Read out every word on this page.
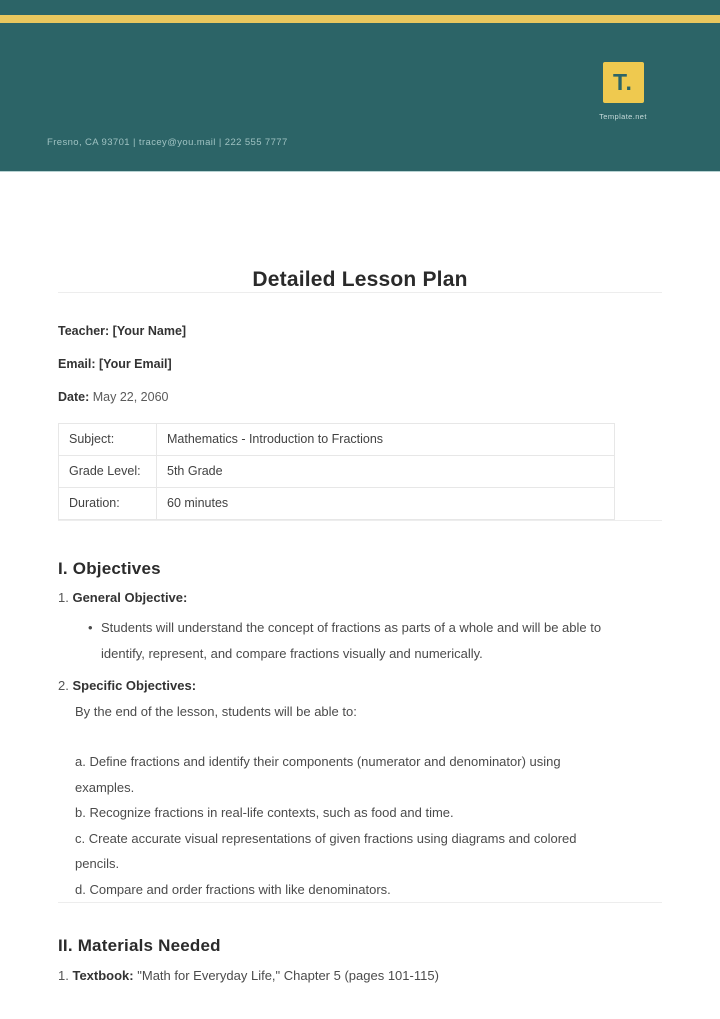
T.
Template.net
Fresno, CA 93701 | tracey@you.mail | 222 555 7777
Detailed Lesson Plan

Teacher: [Your Name]

Email: [Your Email]

Date: May 22, 2060

Subject:	Mathematics - Introduction to Fractions
Grade Level:	5th Grade
Duration:	60 minutes
I. Objectives

1. General Objective:

• Students will understand the concept of fractions as parts of a whole and will be able to identify, represent, and compare fractions visually and numerically.

2. Specific Objectives:

By the end of the lesson, students will be able to:

a. Define fractions and identify their components (numerator and denominator) using examples.

b. Recognize fractions in real-life contexts, such as food and time.

c. Create accurate visual representations of given fractions using diagrams and colored pencils.

d. Compare and order fractions with like denominators.

II. Materials Needed

1. Textbook: "Math for Everyday Life," Chapter 5 (pages 101-115)
